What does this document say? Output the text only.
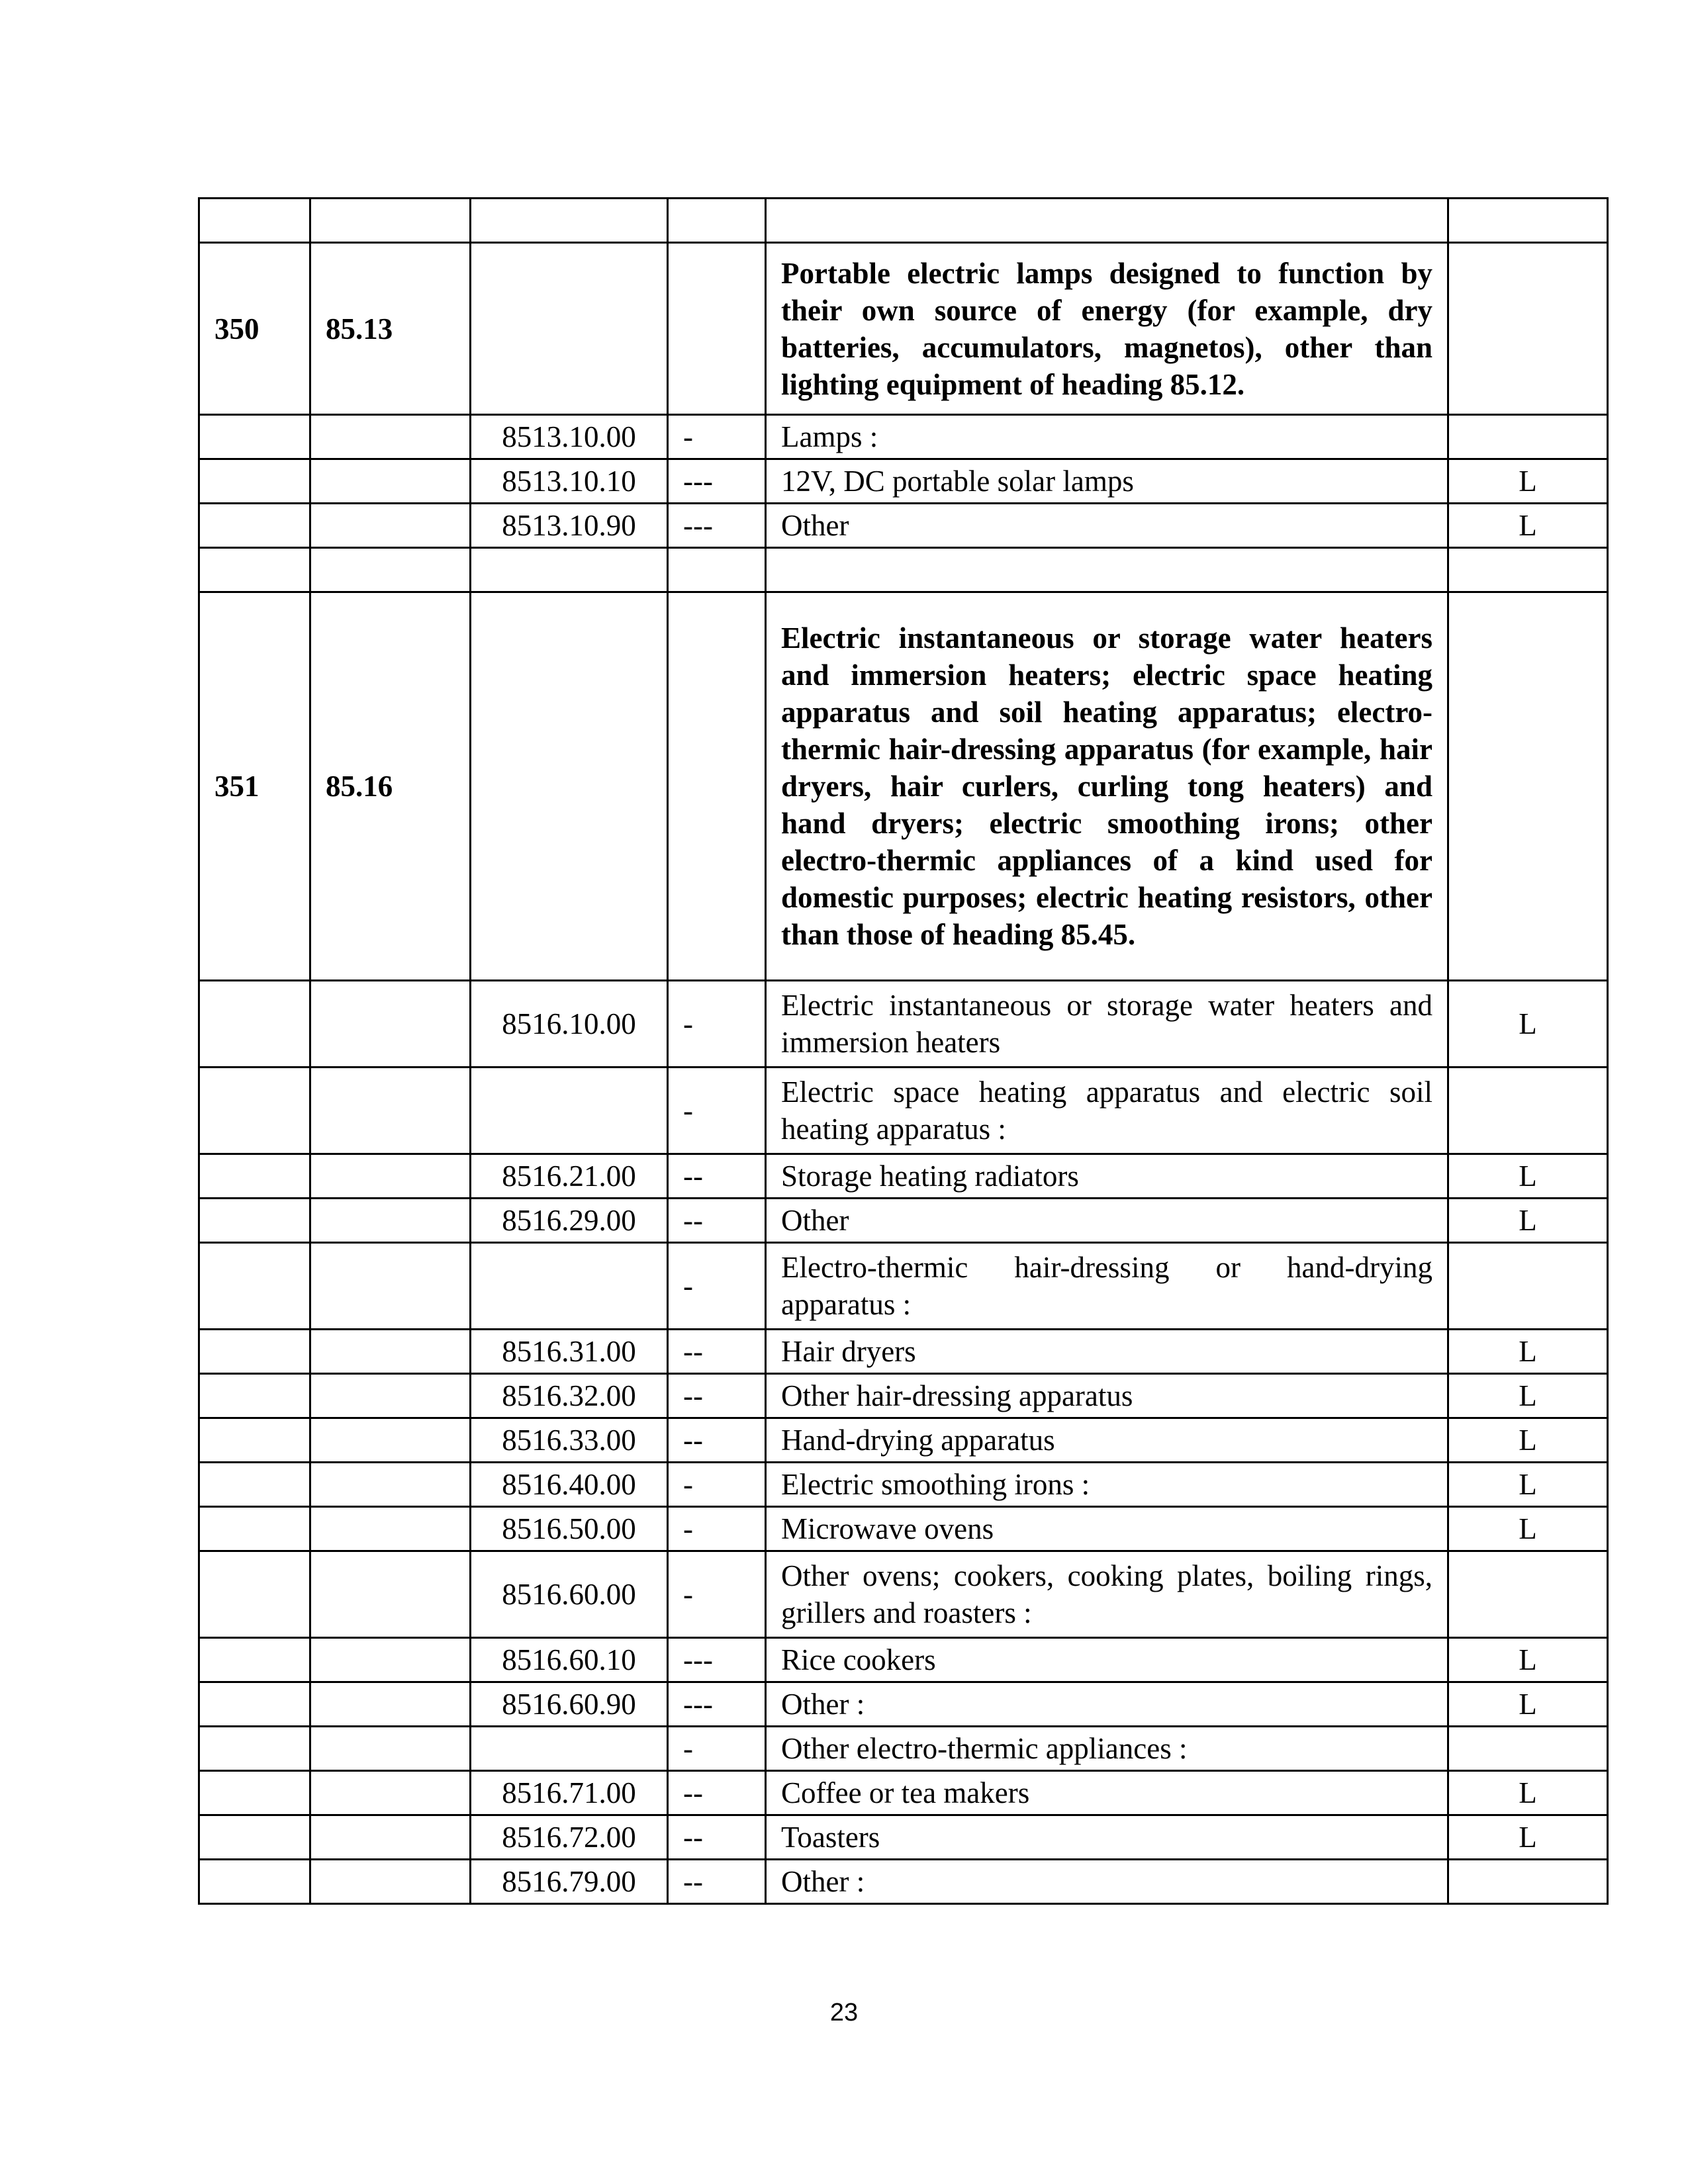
350	85.13			Portable electric lamps designed to function by their own source of energy (for example, dry batteries, accumulators, magnetos), other than lighting equipment of heading 85.12.	
		8513.10.00	-	Lamps :	
		8513.10.10	---	12V, DC portable solar lamps	L
		8513.10.90	---	Other	L

351	85.16			Electric instantaneous or storage water heaters and immersion heaters; electric space heating apparatus and soil heating apparatus; electro-thermic hair-dressing apparatus (for example, hair dryers, hair curlers, curling tong heaters) and hand dryers; electric smoothing irons; other electro-thermic appliances of a kind used for domestic purposes; electric heating resistors, other than those of heading 85.45.	
		8516.10.00	-	Electric instantaneous or storage water heaters and immersion heaters	L
			-	Electric space heating apparatus and electric soil heating apparatus :	
		8516.21.00	--	Storage heating radiators	L
		8516.29.00	--	Other	L
			-	Electro-thermic hair-dressing or hand-drying apparatus :	
		8516.31.00	--	Hair dryers	L
		8516.32.00	--	Other hair-dressing apparatus	L
		8516.33.00	--	Hand-drying apparatus	L
		8516.40.00	-	Electric smoothing irons :	L
		8516.50.00	-	Microwave ovens	L
		8516.60.00	-	Other ovens; cookers, cooking plates, boiling rings, grillers and roasters :	
		8516.60.10	---	Rice cookers	L
		8516.60.90	---	Other :	L
			-	Other electro-thermic appliances :	
		8516.71.00	--	Coffee or tea makers	L
		8516.72.00	--	Toasters	L
		8516.79.00	--	Other :	
23
